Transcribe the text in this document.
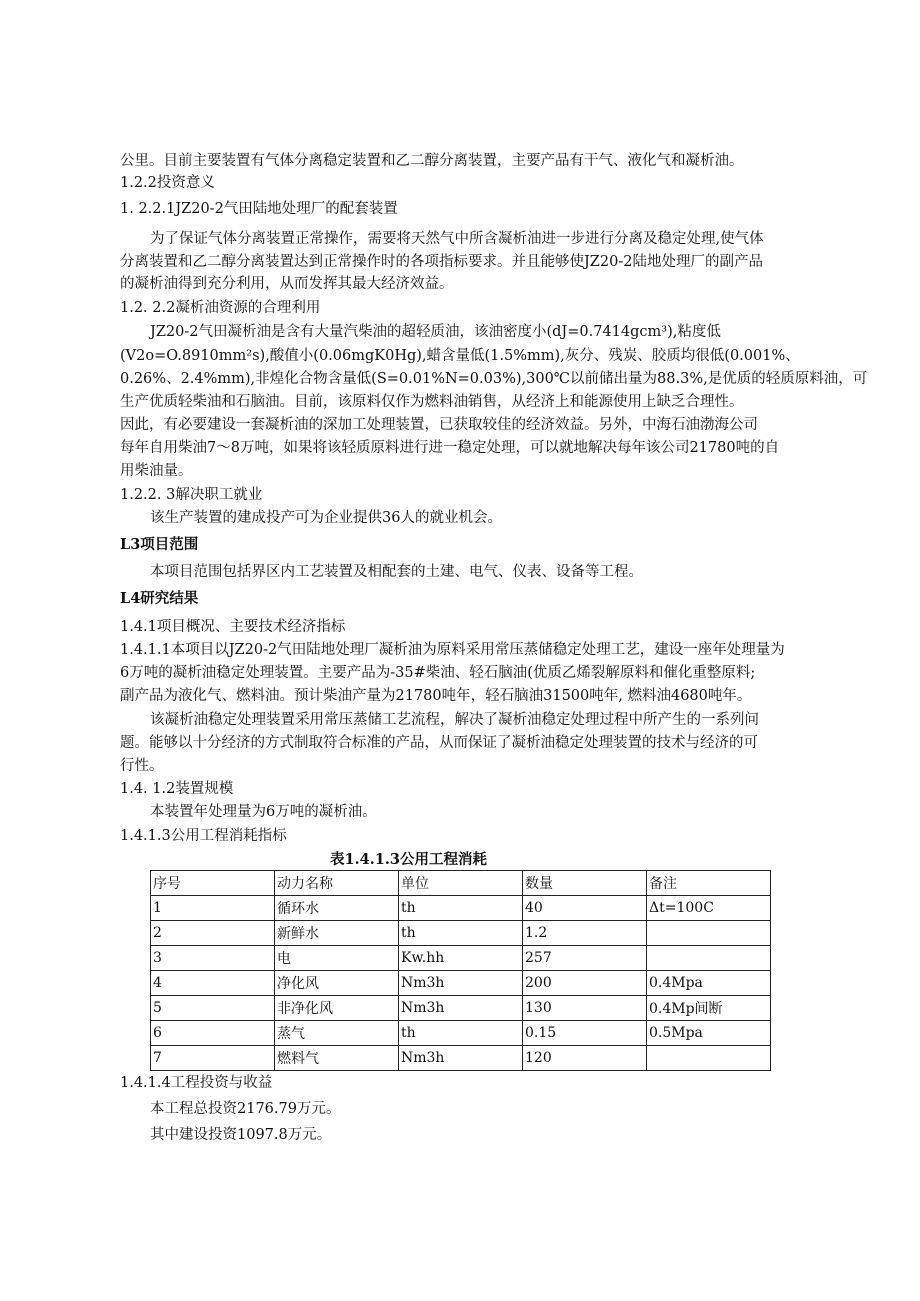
公里。目前主要装置有气体分离稳定装置和乙二醇分离装置，主要产品有干气、液化气和凝析油。
1.2.2投资意义
1. 2.2.1JZ20-2气田陆地处理厂的配套装置
为了保证气体分离装置正常操作，需要将天然气中所含凝析油进一步进行分离及稳定处理,使气体
分离装置和乙二醇分离装置达到正常操作时的各项指标要求。并且能够使JZ20-2陆地处理厂的副产品
的凝析油得到充分利用，从而发挥其最大经济效益。
1.2. 2.2凝析油资源的合理利用
JZ20-2气田凝析油是含有大量汽柴油的超轻质油，该油密度小(dJ=0.7414gcm³),粘度低
(V2o=O.8910mm²s),酸值小(0.06mgK0Hg),蜡含量低(1.5%mm),灰分、残炭、胶质均很低(0.001%、
0.26%、2.4%mm),非煌化合物含量低(S=0.01%N=0.03%),300℃以前储出量为88.3%,是优质的轻质原料油，可
生产优质轻柴油和石脑油。目前，该原料仅作为燃料油销售，从经济上和能源使用上缺乏合理性。
因此，有必要建设一套凝析油的深加工处理装置，已获取较佳的经济效益。另外，中海石油渤海公司
每年自用柴油7～8万吨，如果将该轻质原料进行进一稳定处理，可以就地解决每年该公司21780吨的自
用柴油量。
1.2.2. 3解决职工就业
该生产装置的建成投产可为企业提供36人的就业机会。
L3项目范围
本项目范围包括界区内工艺装置及相配套的土建、电气、仪表、设备等工程。
L4研究结果
1.4.1项目概况、主要技术经济指标
1.4.1.1本项目以JZ20-2气田陆地处理厂凝析油为原料采用常压蒸储稳定处理工艺，建设一座年处理量为
6万吨的凝析油稳定处理装置。主要产品为-35#柴油、轻石脑油(优质乙烯裂解原料和催化重整原料;
副产品为液化气、燃料油。预计柴油产量为21780吨年，轻石脑油31500吨年, 燃料油4680吨年。
该凝析油稳定处理装置采用常压蒸储工艺流程，解决了凝析油稳定处理过程中所产生的一系列问
题。能够以十分经济的方式制取符合标准的产品，从而保证了凝析油稳定处理装置的技术与经济的可
行性。
1.4. 1.2装置规模
本装置年处理量为6万吨的凝析油。
1.4.1.3公用工程消耗指标
表1.4.1.3公用工程消耗
序号	动力名称	单位	数量	备注
1	循环水	th	40	Δt=100C
2	新鲜水	th	1.2	
3	电	Kw.hh	257	
4	净化风	Nm3h	200	0.4Mpa
5	非净化风	Nm3h	130	0.4Mp间断
6	蒸气	th	0.15	0.5Mpa
7	燃料气	Nm3h	120	
1.4.1.4工程投资与收益
本工程总投资2176.79万元。
其中建设投资1097.8万元。
